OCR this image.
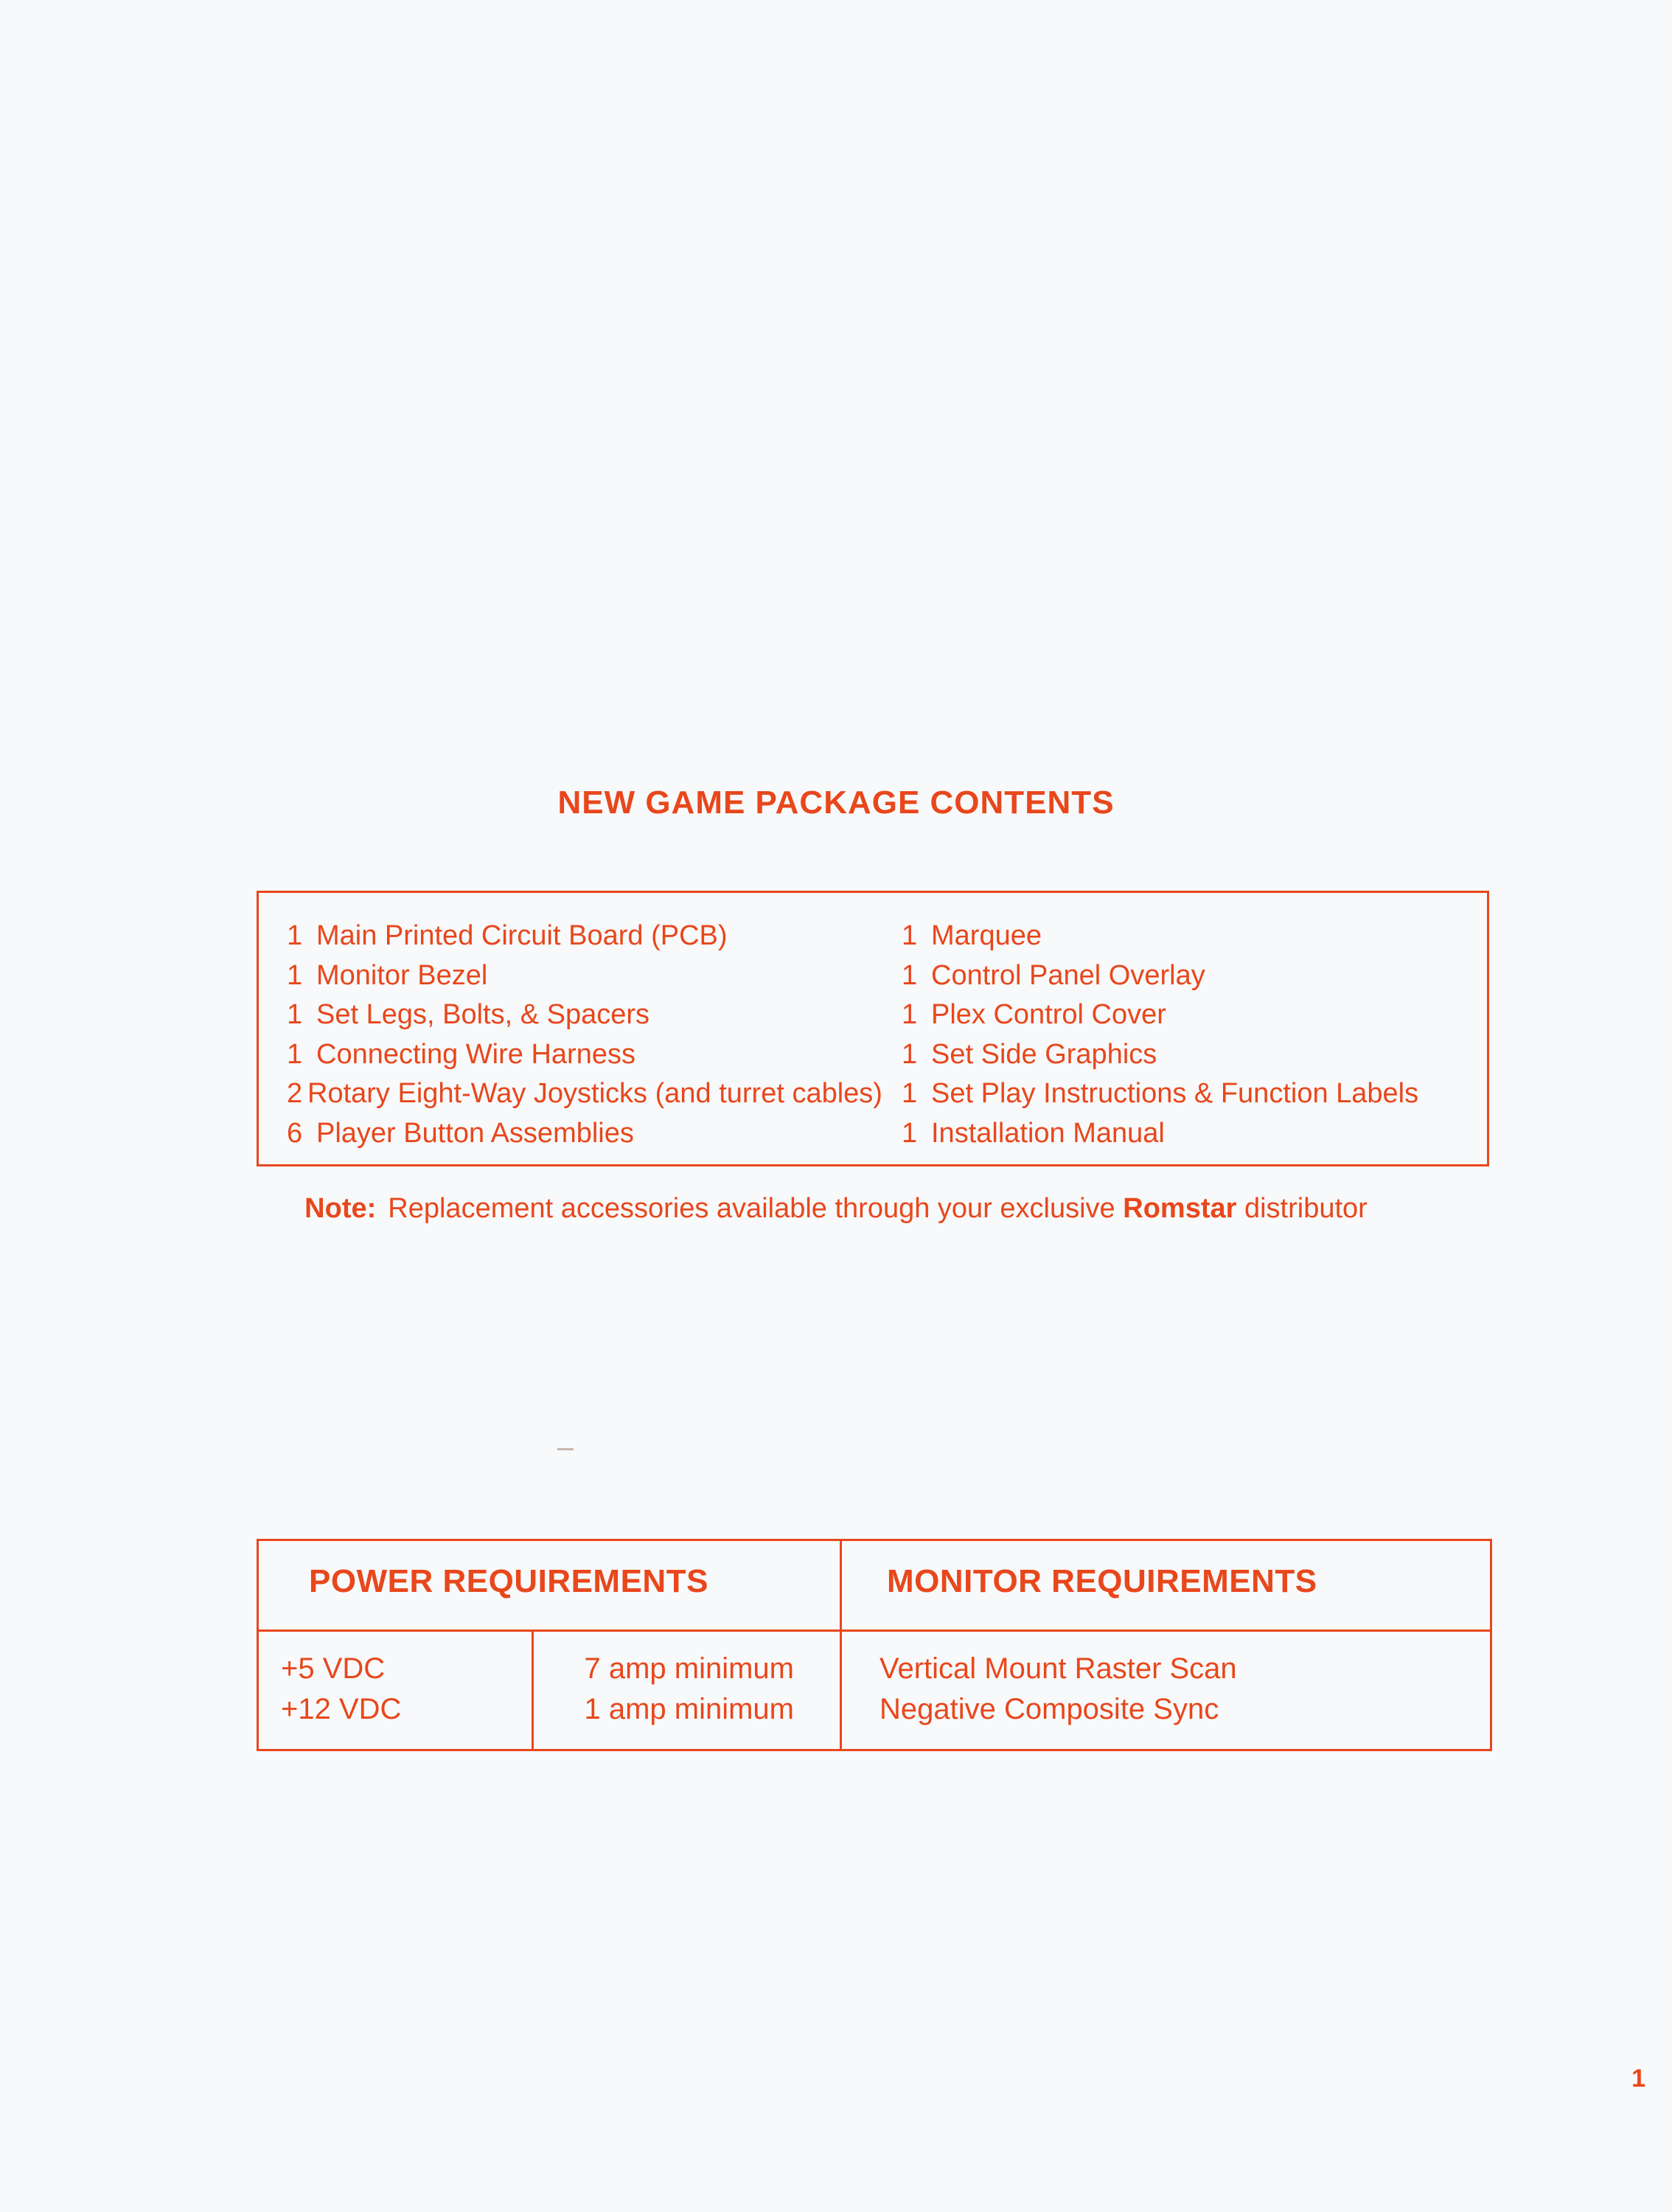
NEW GAME PACKAGE CONTENTS
1 Main Printed Circuit Board (PCB)
1 Monitor Bezel
1 Set Legs, Bolts, & Spacers
1 Connecting Wire Harness
2 Rotary Eight-Way Joysticks (and turret cables)
6 Player Button Assemblies
1 Marquee
1 Control Panel Overlay
1 Plex Control Cover
1 Set Side Graphics
1 Set Play Instructions & Function Labels
1 Installation Manual
Note: Replacement accessories available through your exclusive Romstar distributor
POWER REQUIREMENTS	MONITOR REQUIREMENTS
+5 VDC
+12 VDC
7 amp minimum
1 amp minimum
Vertical Mount Raster Scan
Negative Composite Sync
1
